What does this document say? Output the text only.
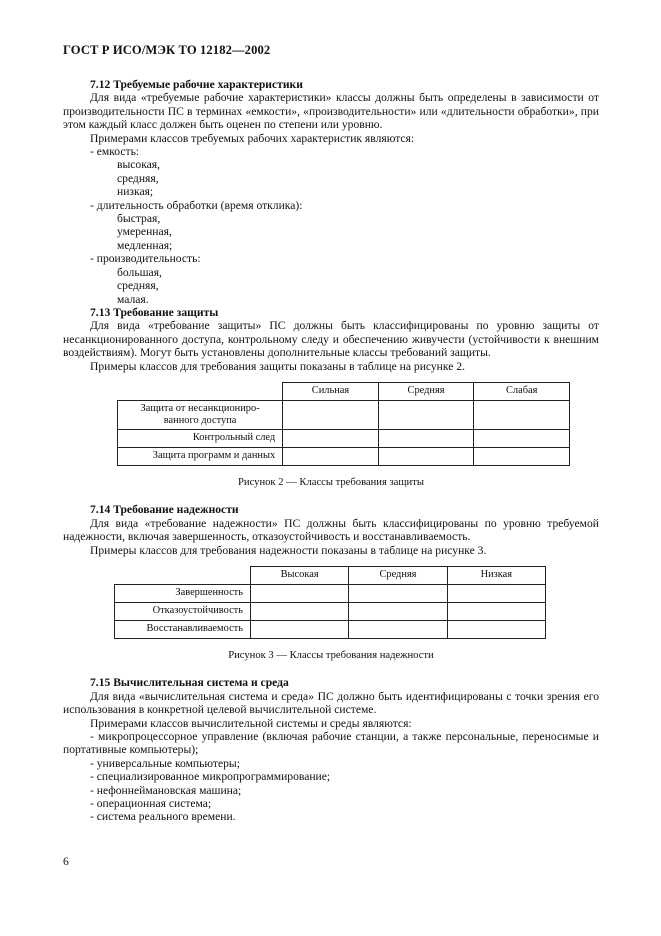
ГОСТ Р ИСО/МЭК ТО 12182—2002
7.12 Требуемые рабочие характеристики

Для вида «требуемые рабочие характеристики» классы должны быть определены в зависимости от производительности ПС в терминах «емкости», «производительности» или «длительности обработки», при этом каждый класс должен быть оценен по степени или уровню.

Примерами классов требуемых рабочих характеристик являются:

- емкость:
высокая,
средняя,
низкая;
- длительность обработки (время отклика):
быстрая,
умеренная,
медленная;
- производительность:
большая,
средняя,
малая.
7.13 Требование защиты

Для вида «требование защиты» ПС должны быть классифицированы по уровню защиты от несанкционированного доступа, контрольному следу и обеспечению живучести (устойчивости к внешним воздействиям). Могут быть установлены дополнительные классы требований защиты.

Примеры классов для требования защиты показаны в таблице на рисунке 2.

	Сильная	Средняя	Слабая
Защита от несанкциониро-ванного доступа			
Контрольный след			
Защита программ и данных			
Рисунок 2 — Классы требования защиты
7.14 Требование надежности

Для вида «требование надежности» ПС должны быть классифицированы по уровню требуемой надежности, включая завершенность, отказоустойчивость и восстанавливаемость.

Примеры классов для требования надежности показаны в таблице на рисунке 3.

	Высокая	Средняя	Низкая
Завершенность			
Отказоустойчивость			
Восстанавливаемость			
Рисунок 3 — Классы требования надежности
7.15 Вычислительная система и среда

Для вида «вычислительная система и среда» ПС должно быть идентифицированы с точки зрения его использования в конкретной целевой вычислительной системе.

Примерами классов вычислительной системы и среды являются:

- микропроцессорное управление (включая рабочие станции, а также персональные, переносимые и портативные компьютеры);
- универсальные компьютеры;
- специализированное микропрограммирование;
- нефоннеймановская машина;
- операционная система;
- система реального времени.
6
